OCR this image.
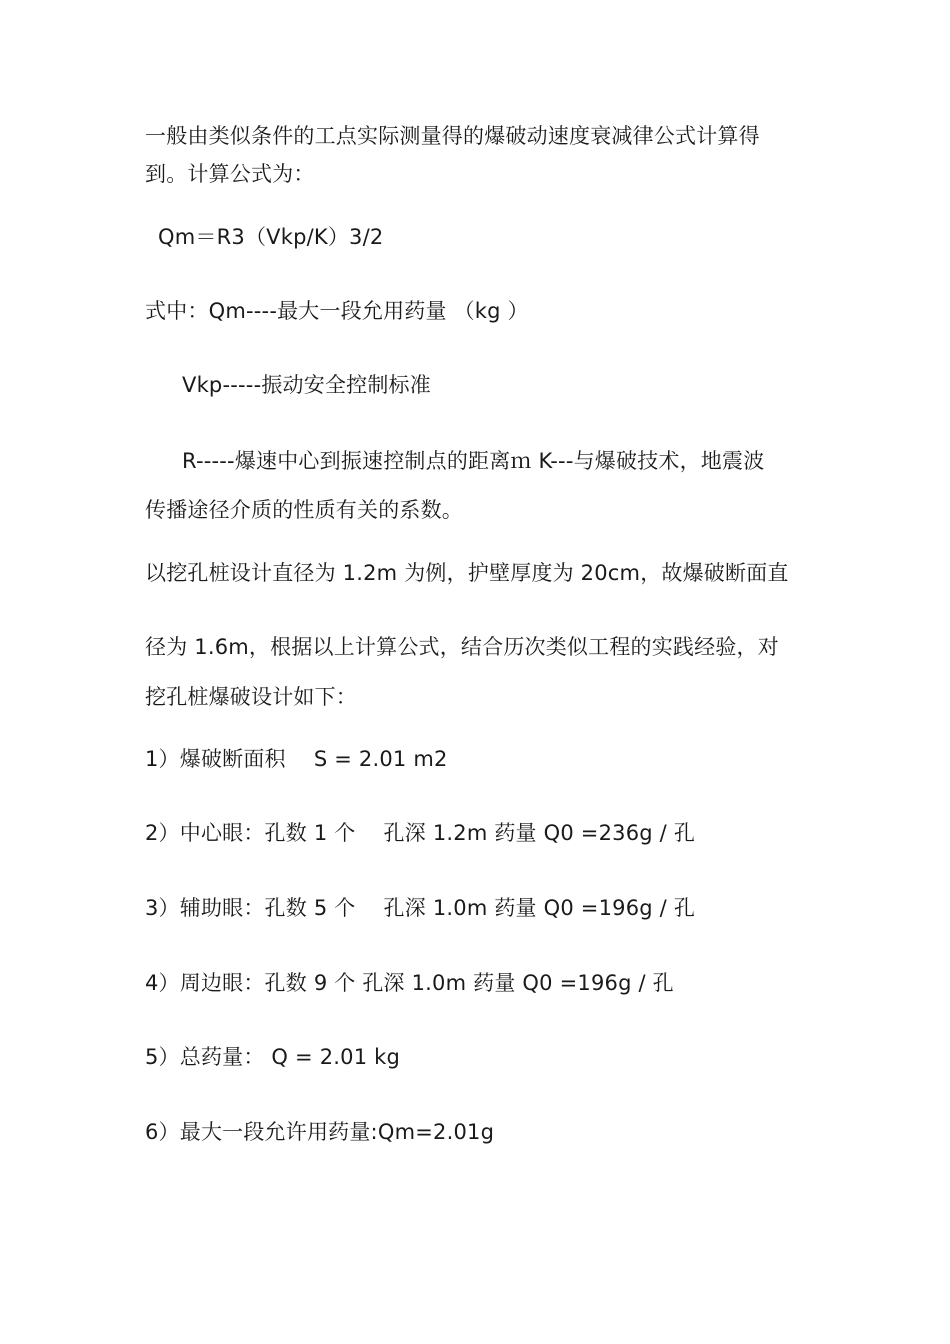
一般由类似条件的工点实际测量得的爆破动速度衰减律公式计算得
到。计算公式为：
Qm＝R3（Vkp/K）3/2
式中：Qm----最大一段允用药量 （kg ）
Vkp-----振动安全控制标准
R-----爆速中心到振速控制点的距离ｍ K---与爆破技术，地震波
传播途径介质的性质有关的系数。
以挖孔桩设计直径为 1.2m 为例，护壁厚度为 20cm，故爆破断面直
径为 1.6m，根据以上计算公式，结合历次类似工程的实践经验，对
挖孔桩爆破设计如下：
1）爆破断面积　 S = 2.01 m2
2）中心眼：孔数 1 个　 孔深 1.2m 药量 Q0 =236g / 孔
3）辅助眼：孔数 5 个　 孔深 1.0m 药量 Q0 =196g / 孔
4）周边眼：孔数 9 个 孔深 1.0m 药量 Q0 =196g / 孔
5）总药量： Q = 2.01 kg
6）最大一段允许用药量:Qm=2.01g
